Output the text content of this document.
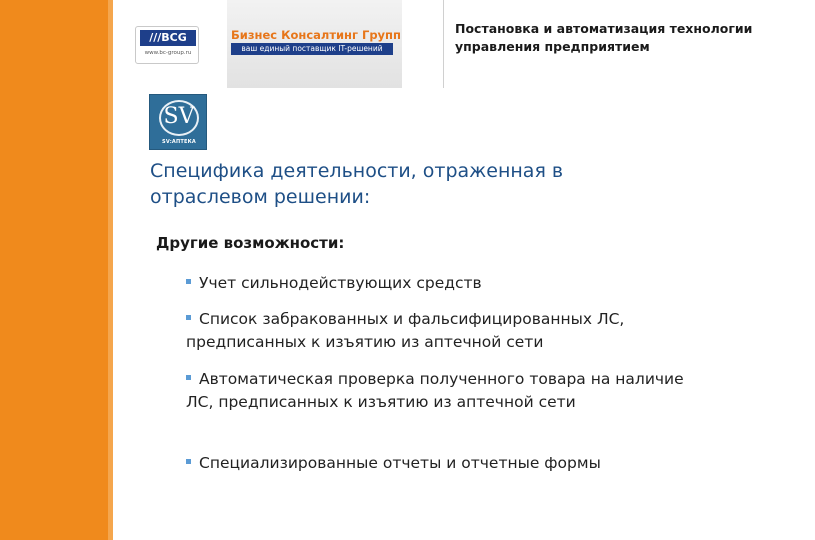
///BCG
www.bc-group.ru
Бизнес Консалтинг Групп
ваш единый поставщик IT-решений
Постановка и автоматизация технологии управления предприятием
SV
SV:АПТЕКА
Специфика деятельности, отраженная в отраслевом решении:
Другие возможности:
Учет сильнодействующих средств
Список забракованных и фальсифицированных ЛС, предписанных к изъятию из аптечной сети
Автоматическая проверка полученного товара на наличие ЛС, предписанных к изъятию из аптечной сети
Специализированные отчеты и отчетные формы
